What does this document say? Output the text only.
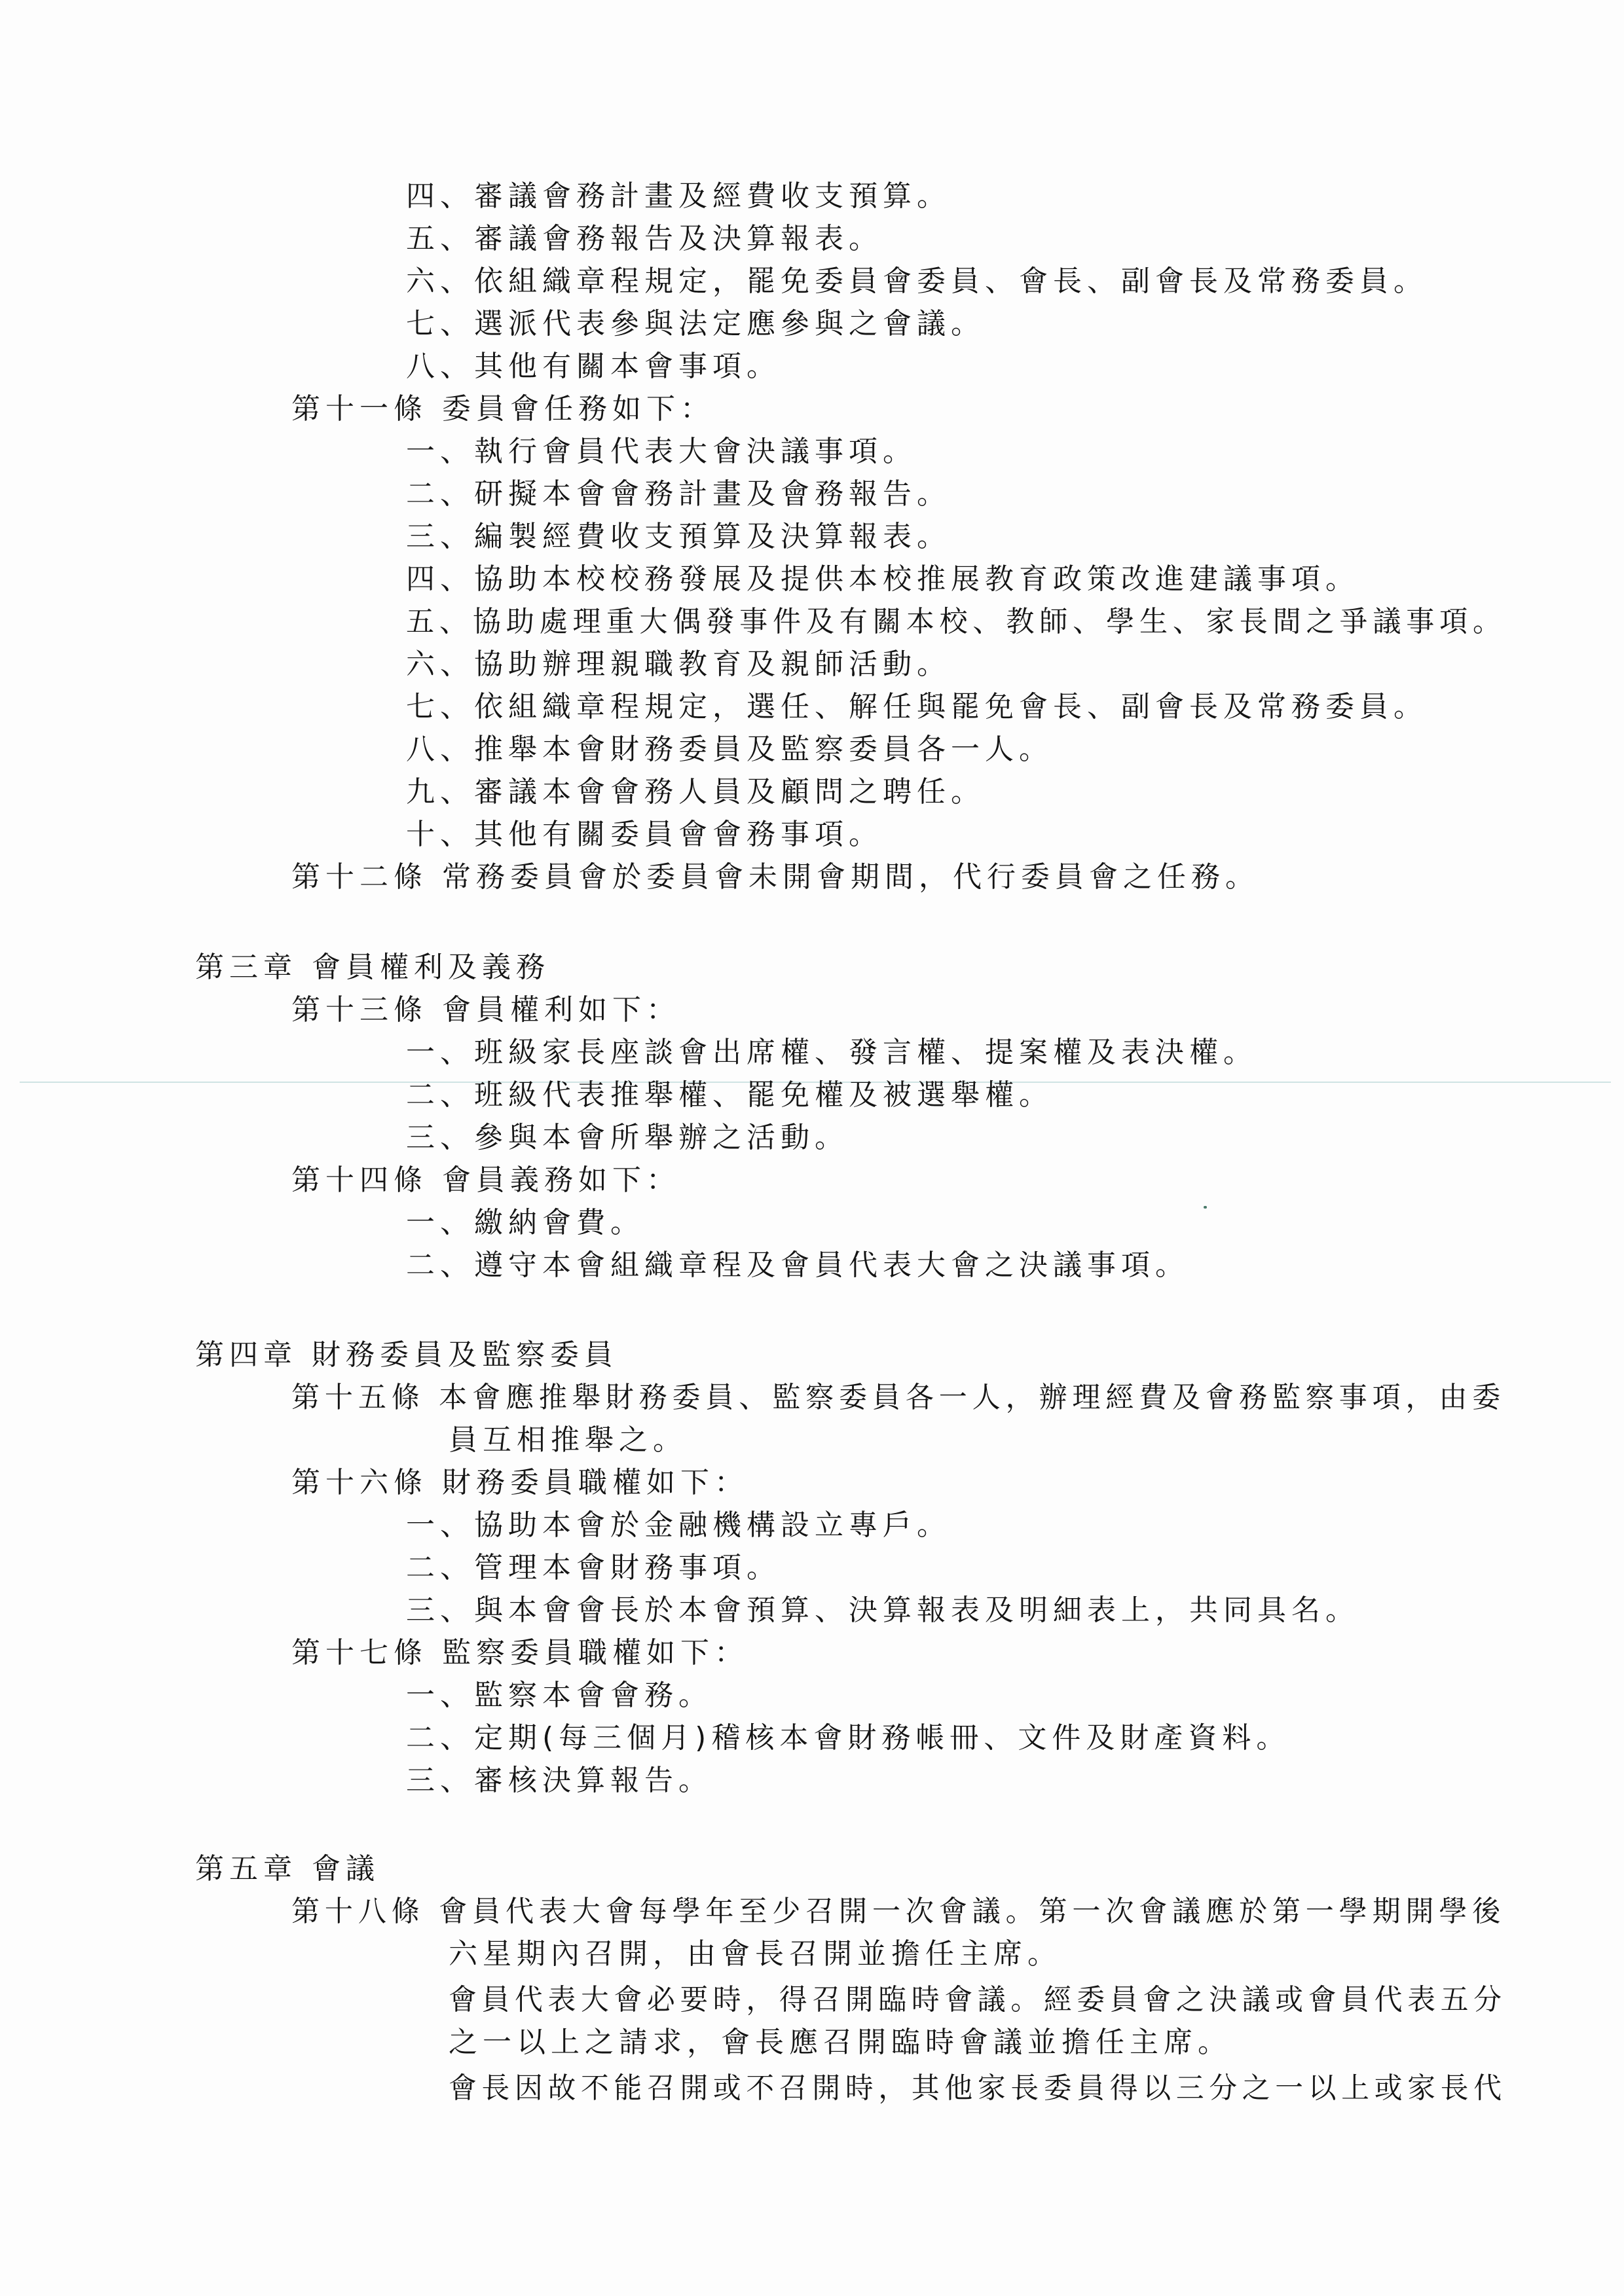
四、審議會務計畫及經費收支預算。
五、審議會務報告及決算報表。
六、依組織章程規定，罷免委員會委員、會長、副會長及常務委員。
七、選派代表參與法定應參與之會議。
八、其他有關本會事項。
第十一條 委員會任務如下：
一、執行會員代表大會決議事項。
二、研擬本會會務計畫及會務報告。
三、編製經費收支預算及決算報表。
四、協助本校校務發展及提供本校推展教育政策改進建議事項。
五、協助處理重大偶發事件及有關本校、教師、學生、家長間之爭議事項。
六、協助辦理親職教育及親師活動。
七、依組織章程規定，選任、解任與罷免會長、副會長及常務委員。
八、推舉本會財務委員及監察委員各一人。
九、審議本會會務人員及顧問之聘任。
十、其他有關委員會會務事項。
第十二條 常務委員會於委員會未開會期間，代行委員會之任務。
第三章 會員權利及義務
第十三條 會員權利如下：
一、班級家長座談會出席權、發言權、提案權及表決權。
二、班級代表推舉權、罷免權及被選舉權。
三、參與本會所舉辦之活動。
第十四條 會員義務如下：
一、繳納會費。
二、遵守本會組織章程及會員代表大會之決議事項。
第四章 財務委員及監察委員
第十五條 本會應推舉財務委員、監察委員各一人，辦理經費及會務監察事項，由委
員互相推舉之。
第十六條 財務委員職權如下：
一、協助本會於金融機構設立專戶。
二、管理本會財務事項。
三、與本會會長於本會預算、決算報表及明細表上，共同具名。
第十七條 監察委員職權如下：
一、監察本會會務。
二、定期(每三個月)稽核本會財務帳冊、文件及財產資料。
三、審核決算報告。
第五章 會議
第十八條 會員代表大會每學年至少召開一次會議。第一次會議應於第一學期開學後
六星期內召開，由會長召開並擔任主席。
會員代表大會必要時，得召開臨時會議。經委員會之決議或會員代表五分
之一以上之請求，會長應召開臨時會議並擔任主席。
會長因故不能召開或不召開時，其他家長委員得以三分之一以上或家長代
